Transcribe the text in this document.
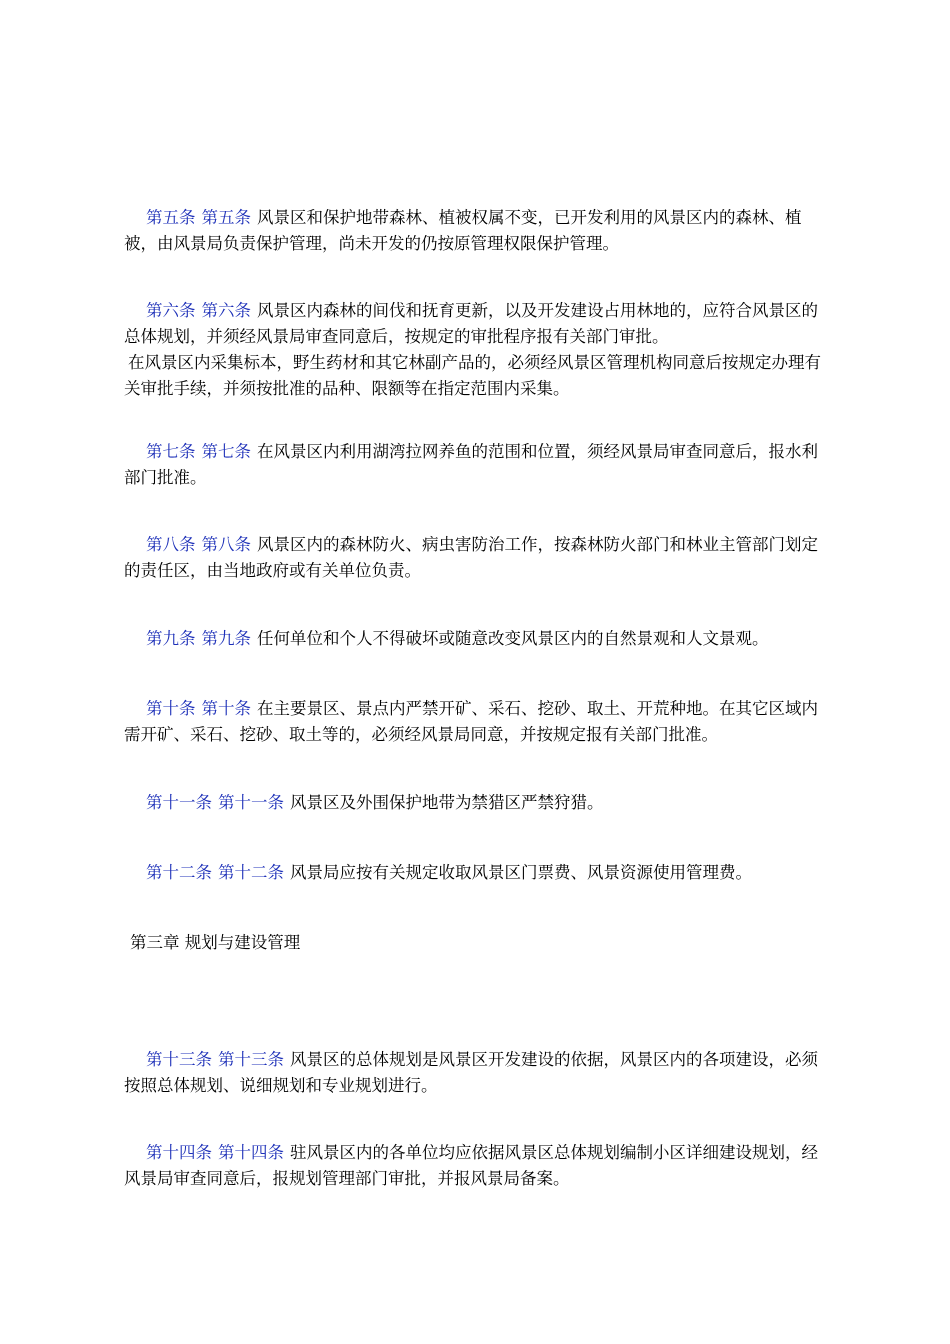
第五条 第五条 风景区和保护地带森林、植被权属不变，已开发利用的风景区内的森林、植被，由风景局负责保护管理，尚未开发的仍按原管理权限保护管理。

第六条 第六条 风景区内森林的间伐和抚育更新，以及开发建设占用林地的，应符合风景区的总体规划，并须经风景局审查同意后，按规定的审批程序报有关部门审批。
在风景区内采集标本，野生药材和其它林副产品的，必须经风景区管理机构同意后按规定办理有关审批手续，并须按批准的品种、限额等在指定范围内采集。

第七条 第七条 在风景区内利用湖湾拉网养鱼的范围和位置，须经风景局审查同意后，报水利部门批准。

第八条 第八条 风景区内的森林防火、病虫害防治工作，按森林防火部门和林业主管部门划定的责任区，由当地政府或有关单位负责。

第九条 第九条 任何单位和个人不得破坏或随意改变风景区内的自然景观和人文景观。

第十条 第十条 在主要景区、景点内严禁开矿、采石、挖砂、取土、开荒种地。在其它区域内需开矿、采石、挖砂、取土等的，必须经风景局同意，并按规定报有关部门批准。

第十一条 第十一条 风景区及外围保护地带为禁猎区严禁狩猎。

第十二条 第十二条 风景局应按有关规定收取风景区门票费、风景资源使用管理费。

第三章 规划与建设管理

第十三条 第十三条 风景区的总体规划是风景区开发建设的依据，风景区内的各项建设，必须按照总体规划、说细规划和专业规划进行。

第十四条 第十四条 驻风景区内的各单位均应依据风景区总体规划编制小区详细建设规划，经风景局审查同意后，报规划管理部门审批，并报风景局备案。
